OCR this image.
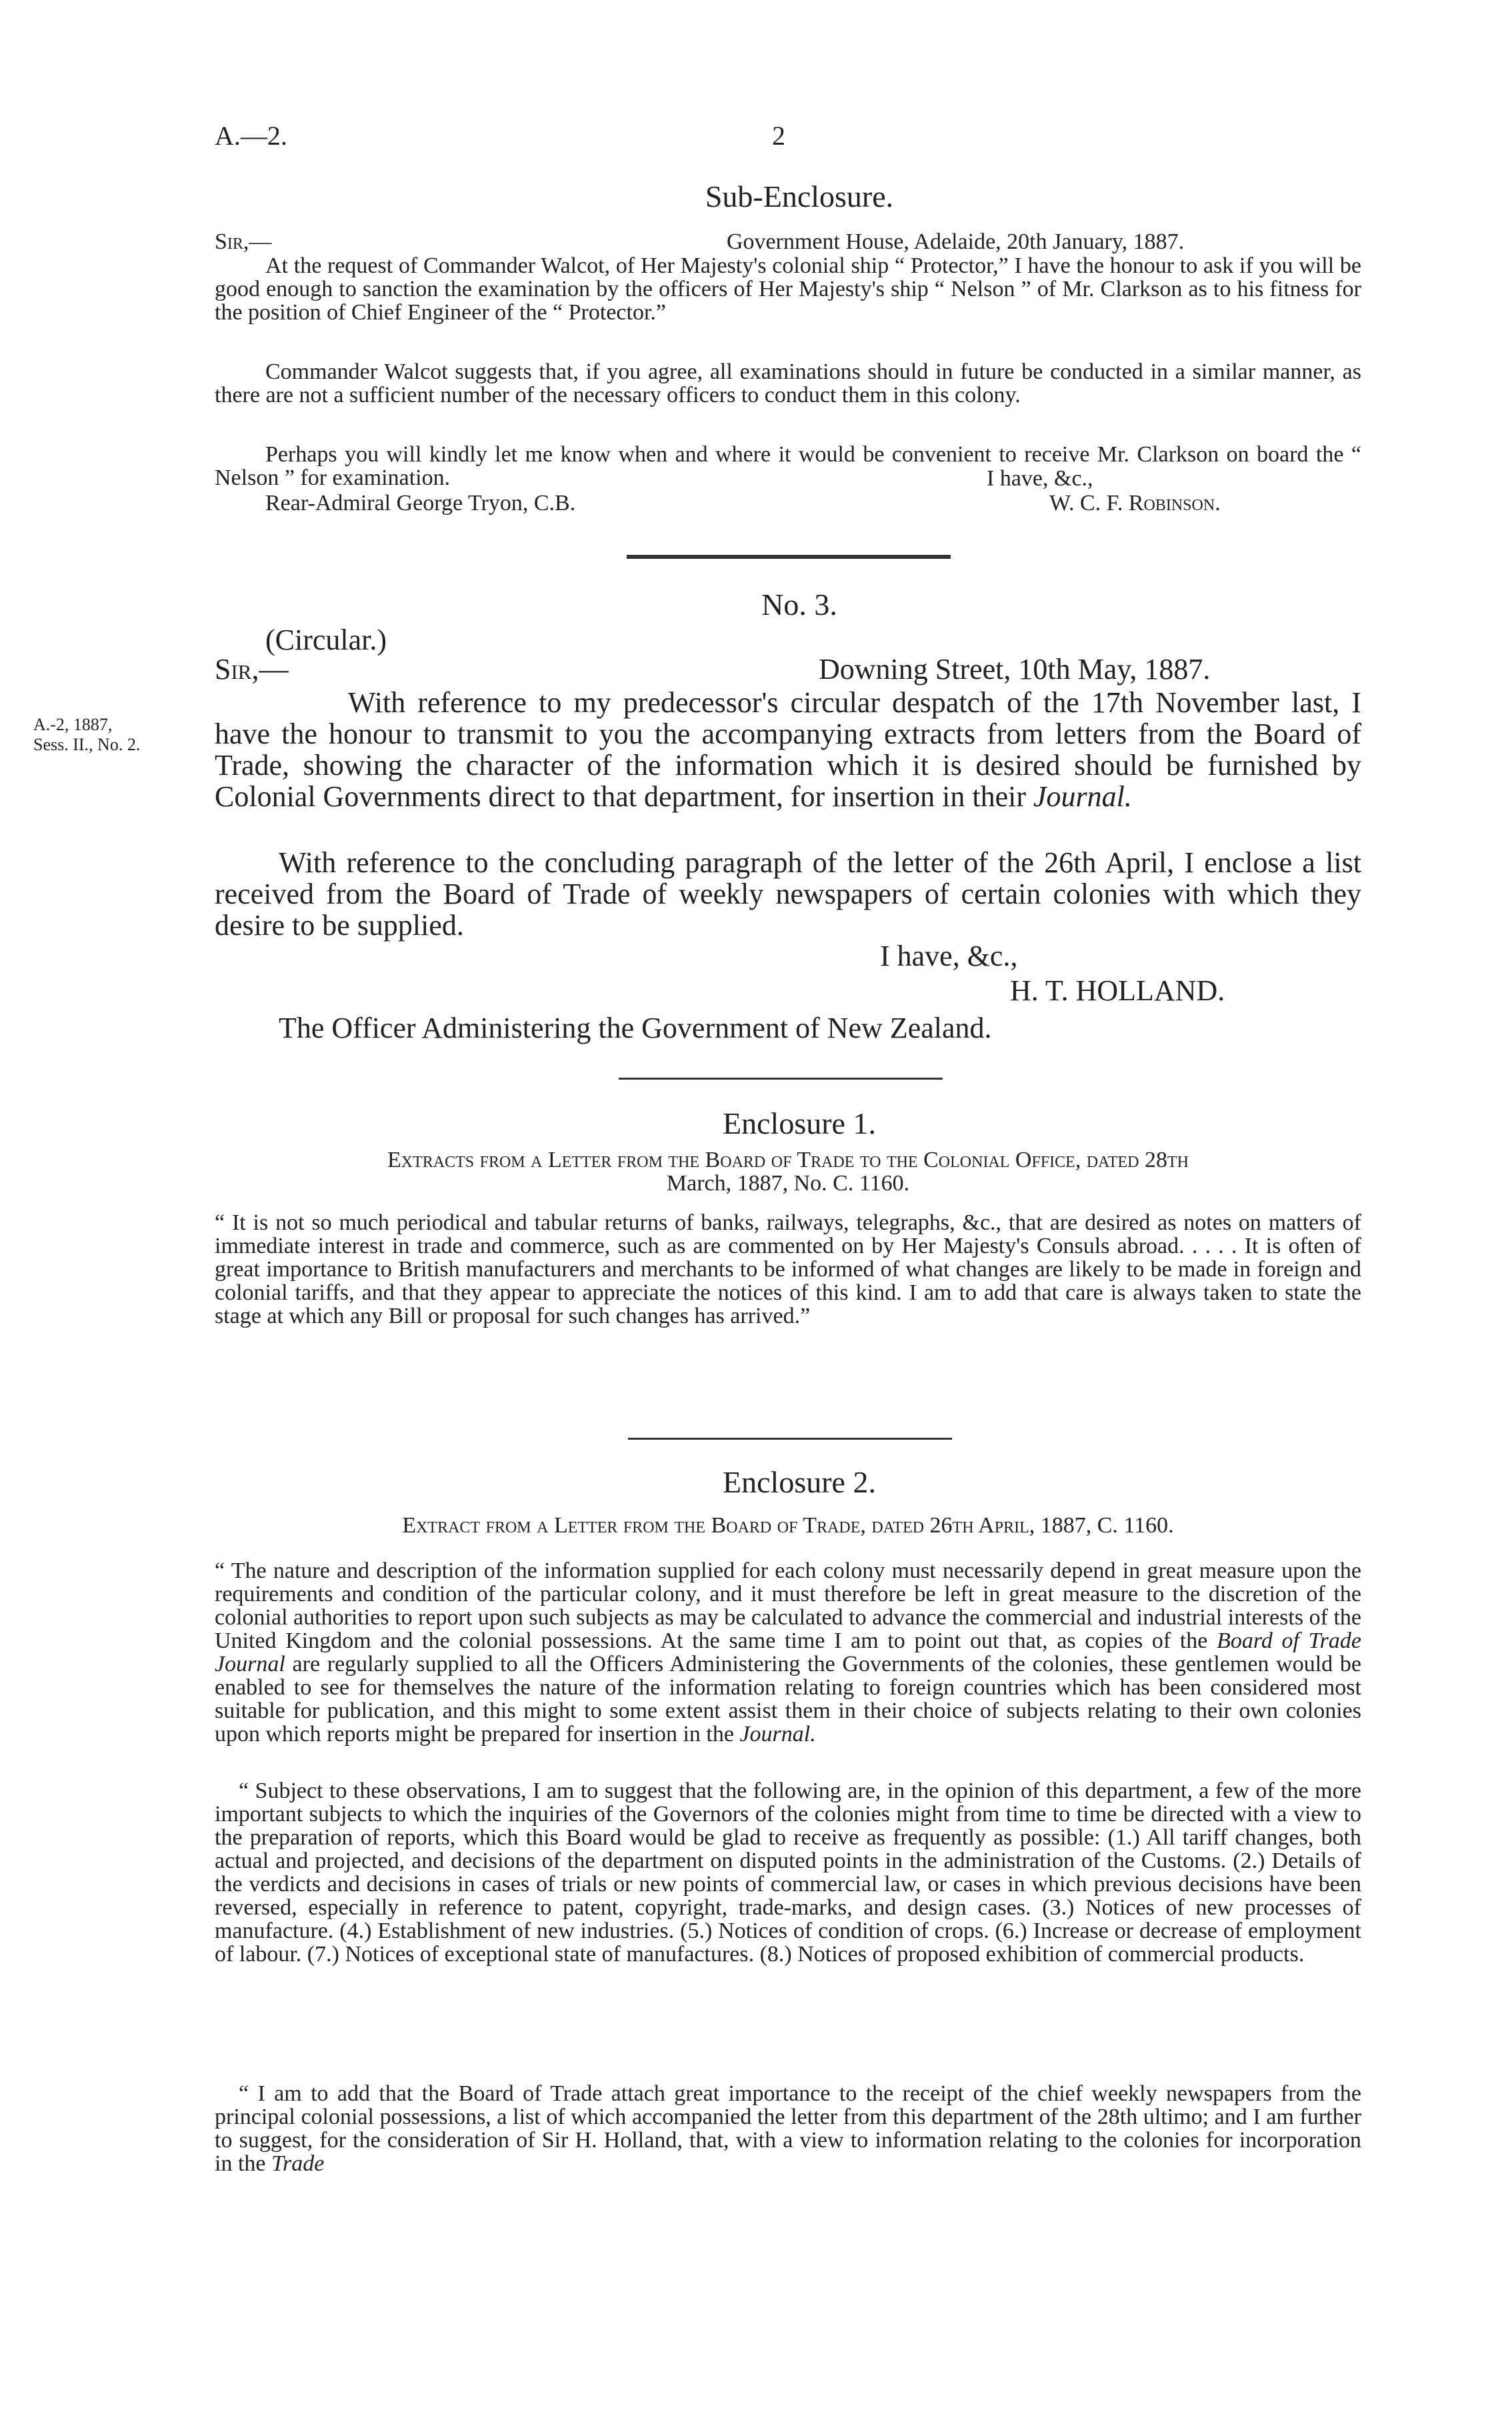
A.—2.	2
Sub-Enclosure.
Sir,—	Government House, Adelaide, 20th January, 1887.
At the request of Commander Walcot, of Her Majesty's colonial ship “ Protector,” I have the honour to ask if you will be good enough to sanction the examination by the officers of Her Majesty's ship “ Nelson ” of Mr. Clarkson as to his fitness for the position of Chief Engineer of the “ Protector.”
Commander Walcot suggests that, if you agree, all examinations should in future be conducted in a similar manner, as there are not a sufficient number of the necessary officers to conduct them in this colony.
Perhaps you will kindly let me know when and where it would be convenient to receive Mr. Clarkson on board the “ Nelson ” for examination.	I have, &c.,
Rear-Admiral George Tryon, C.B.	W. C. F. Robinson.
No. 3.
(Circular.)
Sir,—	Downing Street, 10th May, 1887.
A.-2, 1887,
Sess. II., No. 2.
With reference to my predecessor's circular despatch of the 17th November last, I have the honour to transmit to you the accompanying extracts from letters from the Board of Trade, showing the character of the information which it is desired should be furnished by Colonial Governments direct to that department, for insertion in their Journal.
With reference to the concluding paragraph of the letter of the 26th April, I enclose a list received from the Board of Trade of weekly newspapers of certain colonies with which they desire to be supplied.
I have, &c.,
H. T. HOLLAND.
The Officer Administering the Government of New Zealand.
Enclosure 1.
Extracts from a Letter from the Board of Trade to the Colonial Office, dated 28th
March, 1887, No. C. 1160.
“ It is not so much periodical and tabular returns of banks, railways, telegraphs, &c., that are desired as notes on matters of immediate interest in trade and commerce, such as are commented on by Her Majesty's Consuls abroad. . . . . It is often of great importance to British manufacturers and merchants to be informed of what changes are likely to be made in foreign and colonial tariffs, and that they appear to appreciate the notices of this kind. I am to add that care is always taken to state the stage at which any Bill or proposal for such changes has arrived.”
Enclosure 2.
Extract from a Letter from the Board of Trade, dated 26th April, 1887, C. 1160.
“ The nature and description of the information supplied for each colony must necessarily depend in great measure upon the requirements and condition of the particular colony, and it must therefore be left in great measure to the discretion of the colonial authorities to report upon such subjects as may be calculated to advance the commercial and industrial interests of the United Kingdom and the colonial possessions. At the same time I am to point out that, as copies of the Board of Trade Journal are regularly supplied to all the Officers Administering the Governments of the colonies, these gentlemen would be enabled to see for themselves the nature of the information relating to foreign countries which has been considered most suitable for publication, and this might to some extent assist them in their choice of subjects relating to their own colonies upon which reports might be prepared for insertion in the Journal.
“ Subject to these observations, I am to suggest that the following are, in the opinion of this department, a few of the more important subjects to which the inquiries of the Governors of the colonies might from time to time be directed with a view to the preparation of reports, which this Board would be glad to receive as frequently as possible: (1.) All tariff changes, both actual and projected, and decisions of the department on disputed points in the administration of the Customs. (2.) Details of the verdicts and decisions in cases of trials or new points of commercial law, or cases in which previous decisions have been reversed, especially in reference to patent, copyright, trade-marks, and design cases. (3.) Notices of new processes of manufacture. (4.) Establishment of new industries. (5.) Notices of condition of crops. (6.) Increase or decrease of employment of labour. (7.) Notices of exceptional state of manufactures. (8.) Notices of proposed exhibition of commercial products.
“ I am to add that the Board of Trade attach great importance to the receipt of the chief weekly newspapers from the principal colonial possessions, a list of which accompanied the letter from this department of the 28th ultimo; and I am further to suggest, for the consideration of Sir H. Holland, that, with a view to information relating to the colonies for incorporation in the Trade
